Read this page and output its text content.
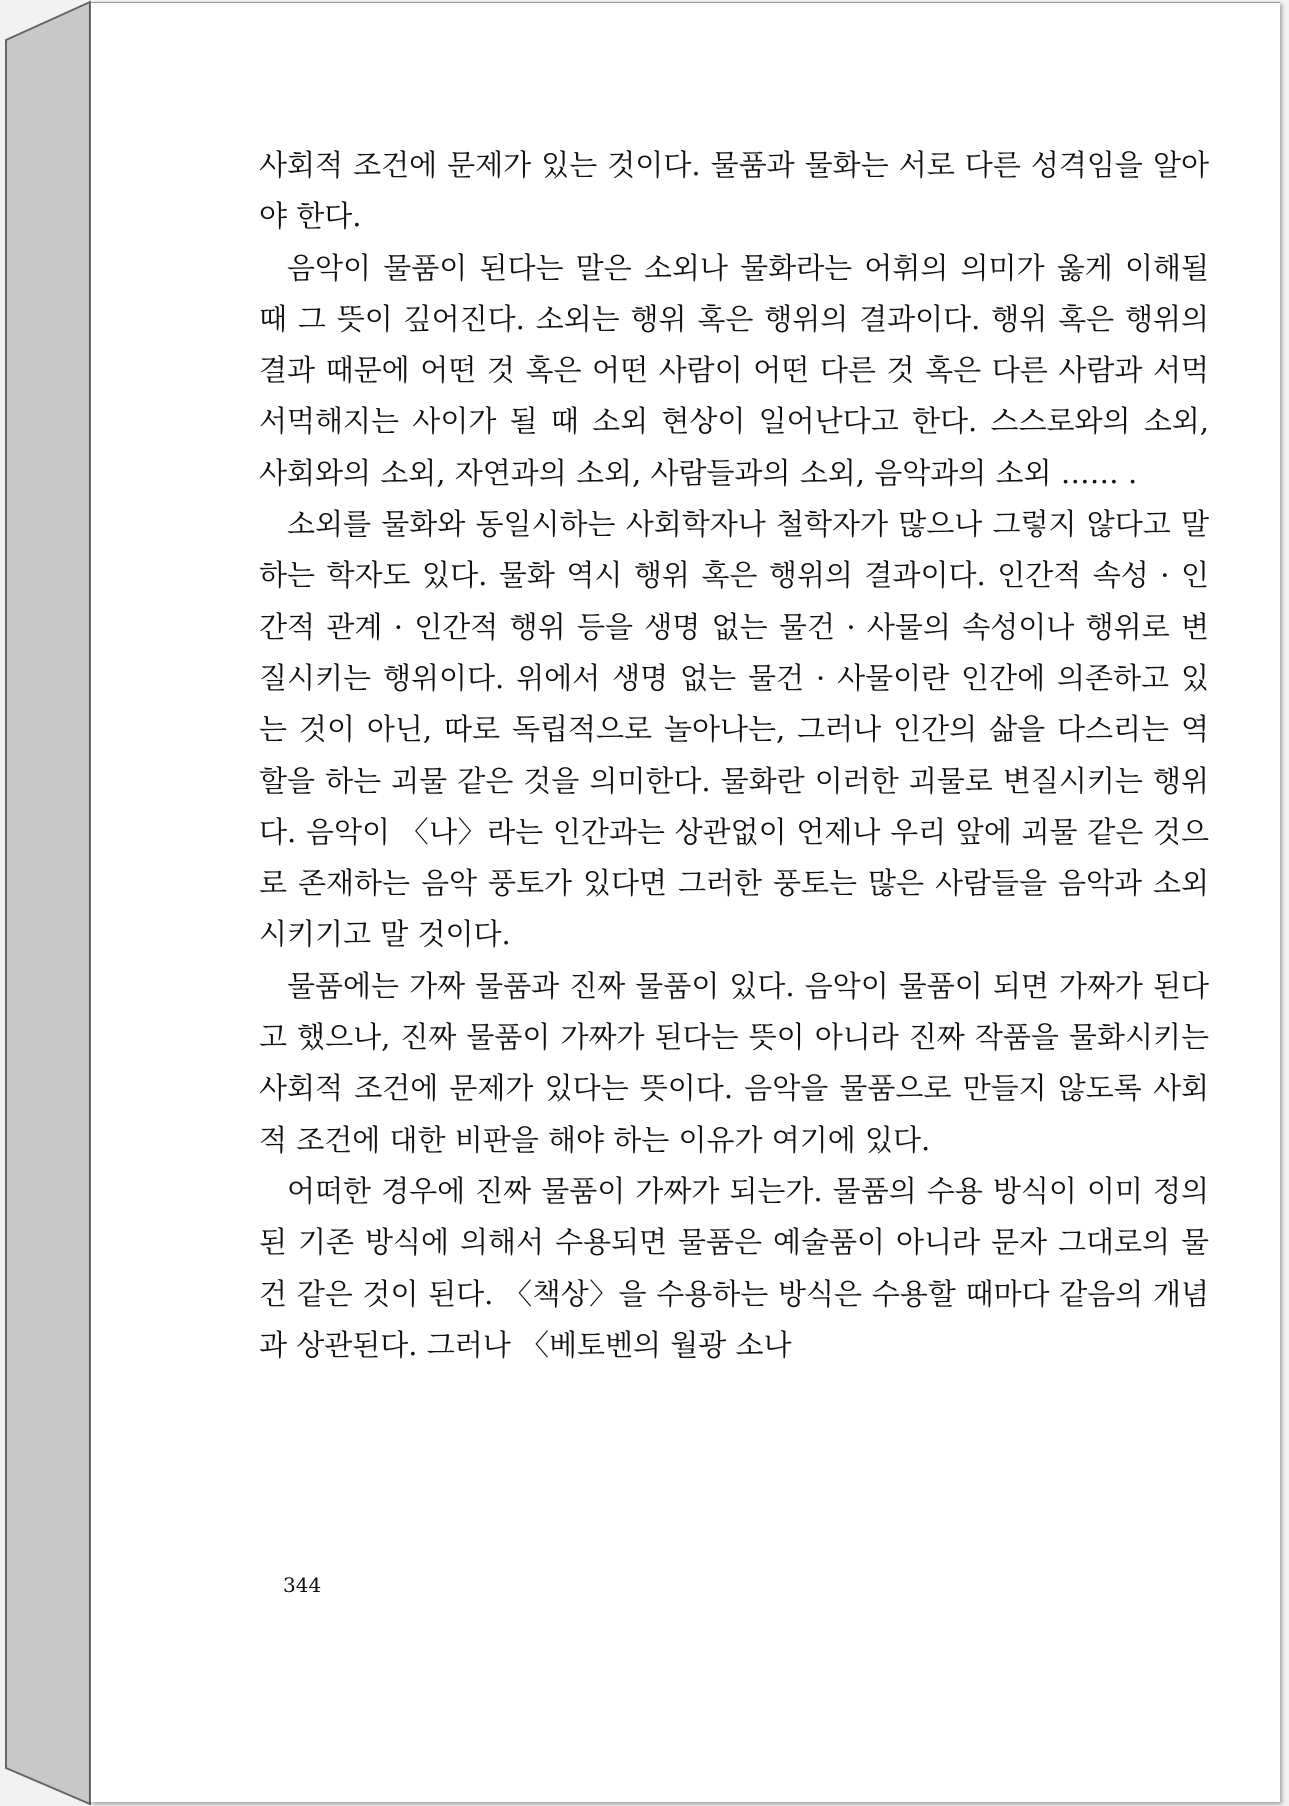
사회적 조건에 문제가 있는 것이다. 물품과 물화는 서로 다른 성격임을 알아야 한다.

음악이 물품이 된다는 말은 소외나 물화라는 어휘의 의미가 옳게 이해될 때 그 뜻이 깊어진다. 소외는 행위 혹은 행위의 결과이다. 행위 혹은 행위의 결과 때문에 어떤 것 혹은 어떤 사람이 어떤 다른 것 혹은 다른 사람과 서먹서먹해지는 사이가 될 때 소외 현상이 일어난다고 한다. 스스로와의 소외, 사회와의 소외, 자연과의 소외, 사람들과의 소외, 음악과의 소외 …… .

소외를 물화와 동일시하는 사회학자나 철학자가 많으나 그렇지 않다고 말하는 학자도 있다. 물화 역시 행위 혹은 행위의 결과이다. 인간적 속성 · 인간적 관계 · 인간적 행위 등을 생명 없는 물건 · 사물의 속성이나 행위로 변질시키는 행위이다. 위에서 생명 없는 물건 · 사물이란 인간에 의존하고 있는 것이 아닌, 따로 독립적으로 놀아나는, 그러나 인간의 삶을 다스리는 역할을 하는 괴물 같은 것을 의미한다. 물화란 이러한 괴물로 변질시키는 행위다. 음악이 〈나〉라는 인간과는 상관없이 언제나 우리 앞에 괴물 같은 것으로 존재하는 음악 풍토가 있다면 그러한 풍토는 많은 사람들을 음악과 소외시키기고 말 것이다.

물품에는 가짜 물품과 진짜 물품이 있다. 음악이 물품이 되면 가짜가 된다고 했으나, 진짜 물품이 가짜가 된다는 뜻이 아니라 진짜 작품을 물화시키는 사회적 조건에 문제가 있다는 뜻이다. 음악을 물품으로 만들지 않도록 사회적 조건에 대한 비판을 해야 하는 이유가 여기에 있다.

어떠한 경우에 진짜 물품이 가짜가 되는가. 물품의 수용 방식이 이미 정의된 기존 방식에 의해서 수용되면 물품은 예술품이 아니라 문자 그대로의 물건 같은 것이 된다. 〈책상〉을 수용하는 방식은 수용할 때마다 같음의 개념과 상관된다. 그러나 〈베토벤의 월광 소나

344
